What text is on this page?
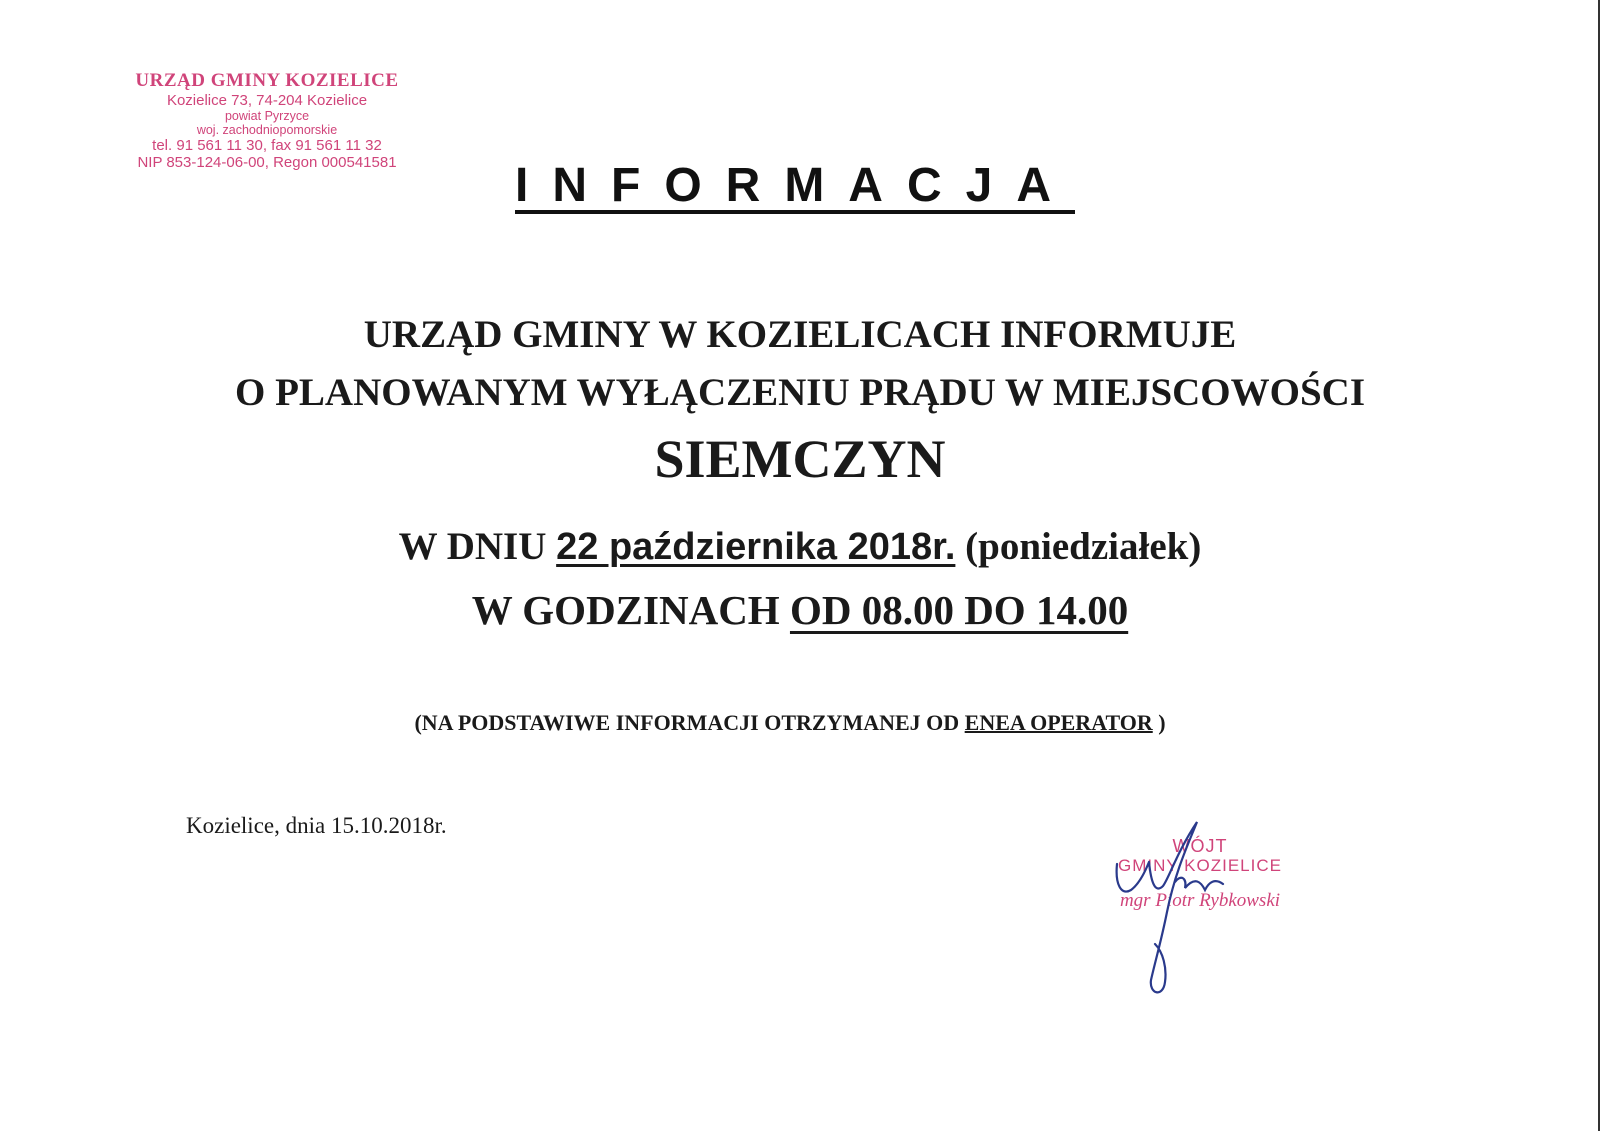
URZĄD GMINY KOZIELICE
Kozielice 73, 74-204 Kozielice
powiat Pyrzyce
woj. zachodniopomorskie
tel. 91 561 11 30, fax 91 561 11 32
NIP 853-124-06-00, Regon 000541581	INFORMACJA
URZĄD GMINY W KOZIELICACH INFORMUJE
O PLANOWANYM WYŁĄCZENIU PRĄDU W MIEJSCOWOŚCI
SIEMCZYN
W DNIU 22 października 2018r. (poniedziałek)
W GODZINACH OD 08.00 DO 14.00
(NA PODSTAWIWE INFORMACJI OTRZYMANEJ OD ENEA OPERATOR )
Kozielice, dnia 15.10.2018r.
WÓJT
GMINY KOZIELICE
mgr Piotr Rybkowski
